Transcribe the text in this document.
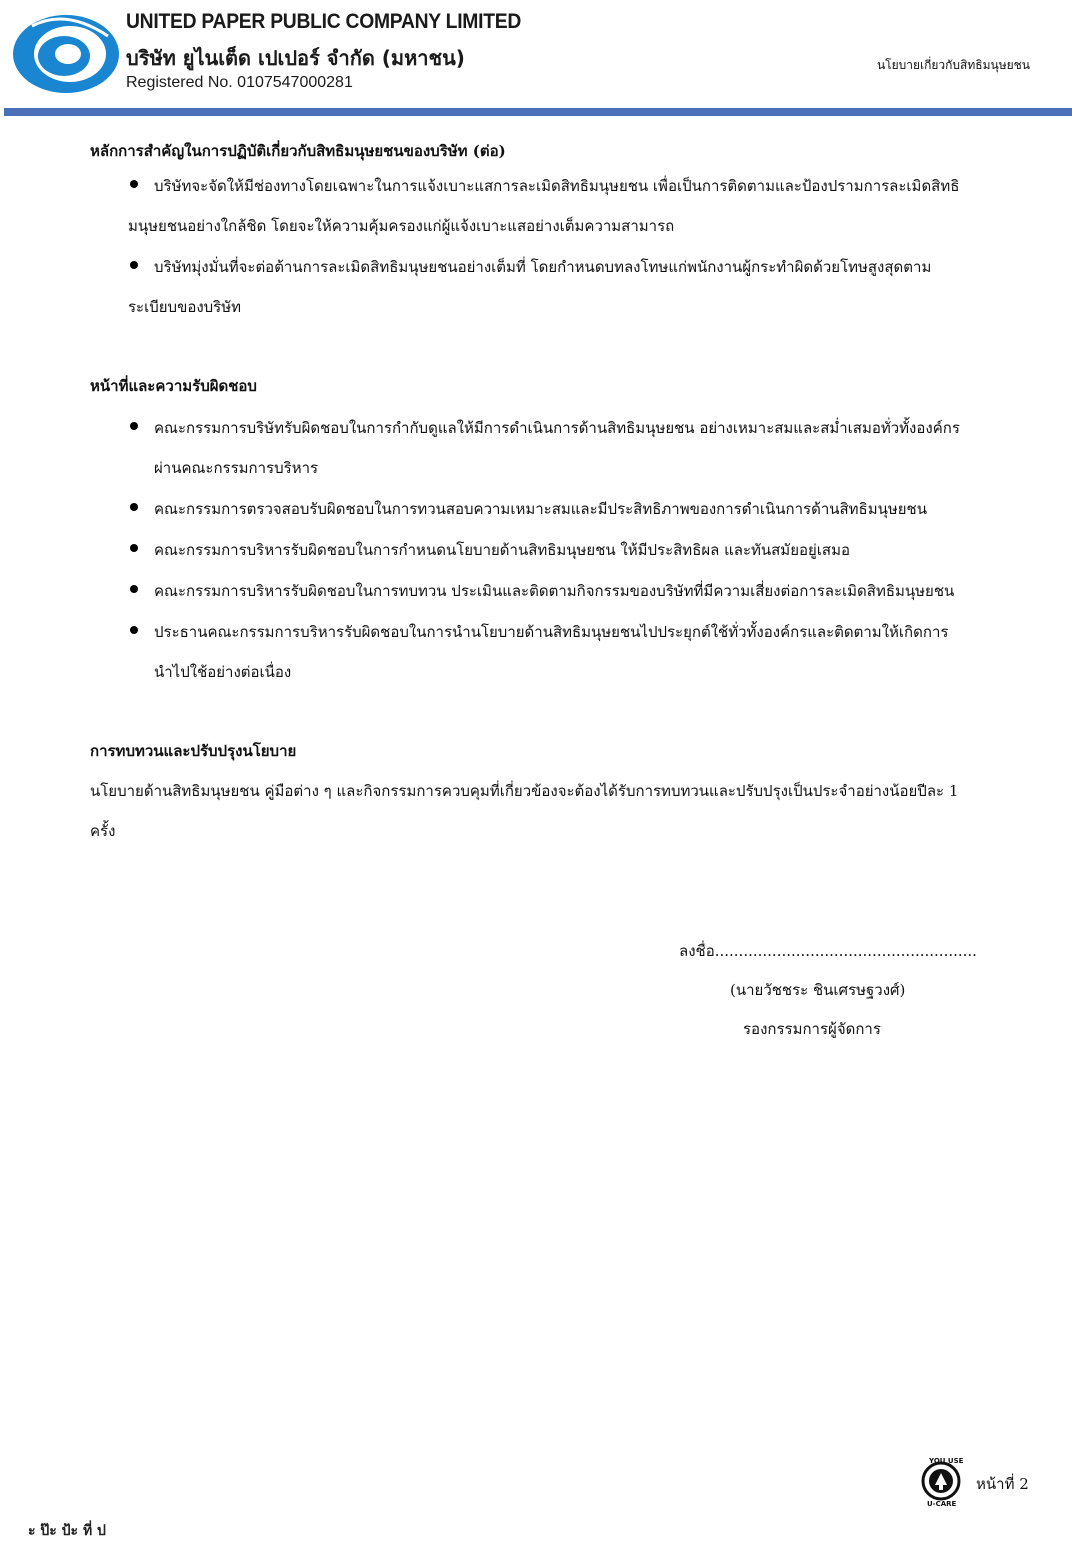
UNITED PAPER PUBLIC COMPANY LIMITED
บริษัท ยูไนเต็ด เปเปอร์ จำกัด (มหาชน)
Registered No. 0107547000281
นโยบายเกี่ยวกับสิทธิมนุษยชน
หลักการสำคัญในการปฏิบัติเกี่ยวกับสิทธิมนุษยชนของบริษัท (ต่อ)
บริษัทจะจัดให้มีช่องทางโดยเฉพาะในการแจ้งเบาะแสการละเมิดสิทธิมนุษยชน เพื่อเป็นการติดตามและป้องปรามการละเมิดสิทธิ
มนุษยชนอย่างใกล้ชิด โดยจะให้ความคุ้มครองแก่ผู้แจ้งเบาะแสอย่างเต็มความสามารถ
บริษัทมุ่งมั่นที่จะต่อต้านการละเมิดสิทธิมนุษยชนอย่างเต็มที่ โดยกำหนดบทลงโทษแก่พนักงานผู้กระทำผิดด้วยโทษสูงสุดตาม
ระเบียบของบริษัท
หน้าที่และความรับผิดชอบ
คณะกรรมการบริษัทรับผิดชอบในการกำกับดูแลให้มีการดำเนินการด้านสิทธิมนุษยชน อย่างเหมาะสมและสม่ำเสมอทั่วทั้งองค์กร
ผ่านคณะกรรมการบริหาร
คณะกรรมการตรวจสอบรับผิดชอบในการทวนสอบความเหมาะสมและมีประสิทธิภาพของการดำเนินการด้านสิทธิมนุษยชน
คณะกรรมการบริหารรับผิดชอบในการกำหนดนโยบายด้านสิทธิมนุษยชน ให้มีประสิทธิผล และทันสมัยอยู่เสมอ
คณะกรรมการบริหารรับผิดชอบในการทบทวน ประเมินและติดตามกิจกรรมของบริษัทที่มีความเสี่ยงต่อการละเมิดสิทธิมนุษยชน
ประธานคณะกรรมการบริหารรับผิดชอบในการนำนโยบายด้านสิทธิมนุษยชนไปประยุกต์ใช้ทั่วทั้งองค์กรและติดตามให้เกิดการ
นำไปใช้อย่างต่อเนื่อง
การทบทวนและปรับปรุงนโยบาย
นโยบายด้านสิทธิมนุษยชน คู่มือต่าง ๆ และกิจกรรมการควบคุมที่เกี่ยวข้องจะต้องได้รับการทบทวนและปรับปรุงเป็นประจำอย่างน้อยปีละ 1
ครั้ง
ลงชื่อ.......................................................
(นายวัชชระ ชินเศรษฐวงศ์)
รองกรรมการผู้จัดการ
YOU USE
U-CARE
หน้าที่ 2
ะ ป๊ะ ป้ะ ที่ ป
